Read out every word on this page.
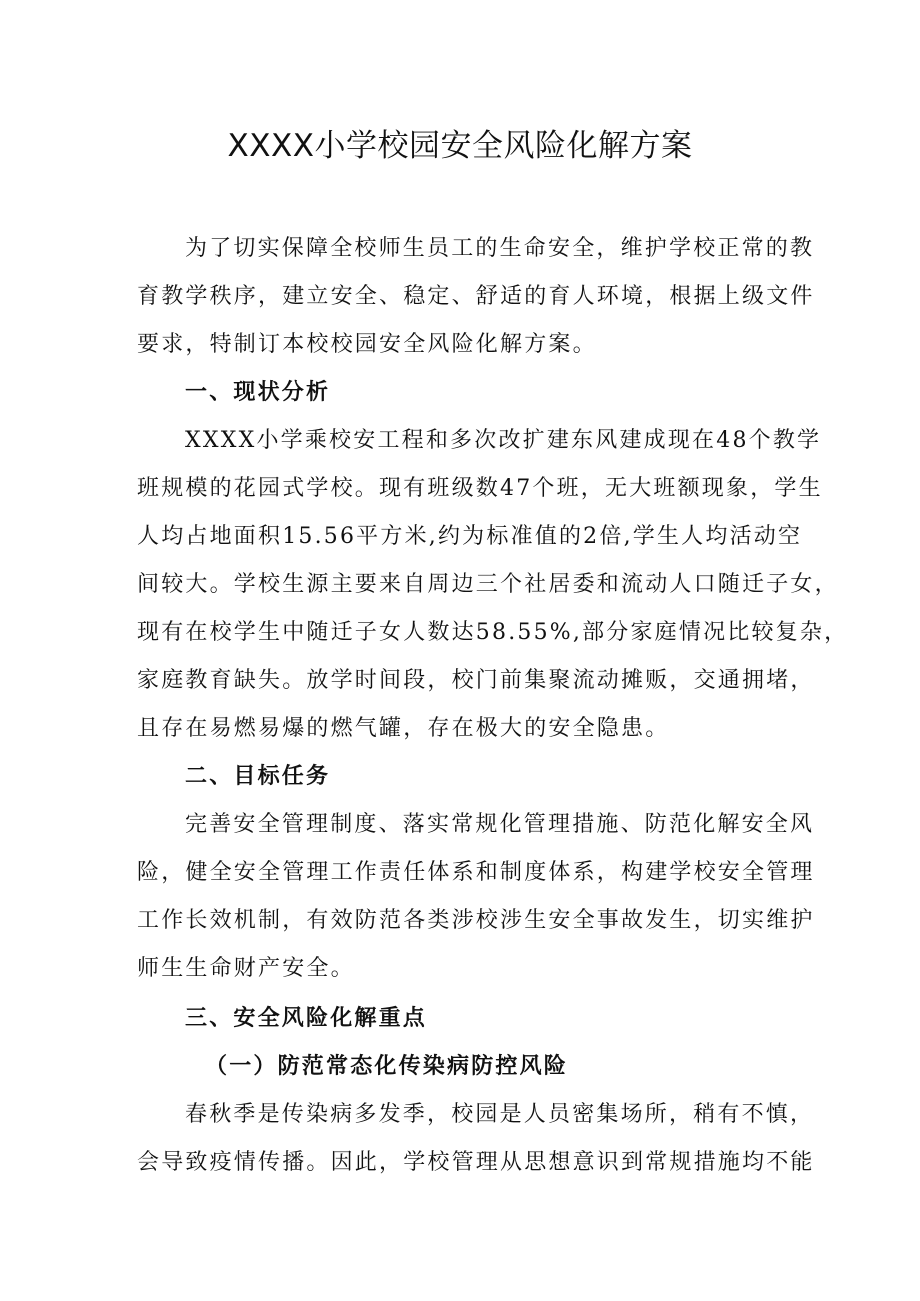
XXXX小学校园安全风险化解方案

为了切实保障全校师生员工的生命安全，维护学校正常的教

育教学秩序，建立安全、稳定、舒适的育人环境，根据上级文件

要求，特制订本校校园安全风险化解方案。

一、现状分析

XXXX小学乘校安工程和多次改扩建东风建成现在48个教学

班规模的花园式学校。现有班级数47个班，无大班额现象，学生

人均占地面积15.56平方米,约为标准值的2倍,学生人均活动空

间较大。学校生源主要来自周边三个社居委和流动人口随迁子女，

现有在校学生中随迁子女人数达58.55%,部分家庭情况比较复杂，

家庭教育缺失。放学时间段，校门前集聚流动摊贩，交通拥堵，

且存在易燃易爆的燃气罐，存在极大的安全隐患。

二、目标任务

完善安全管理制度、落实常规化管理措施、防范化解安全风

险，健全安全管理工作责任体系和制度体系，构建学校安全管理

工作长效机制，有效防范各类涉校涉生安全事故发生，切实维护

师生生命财产安全。

三、安全风险化解重点

（一）防范常态化传染病防控风险

春秋季是传染病多发季，校园是人员密集场所，稍有不慎，

会导致疫情传播。因此，学校管理从思想意识到常规措施均不能
